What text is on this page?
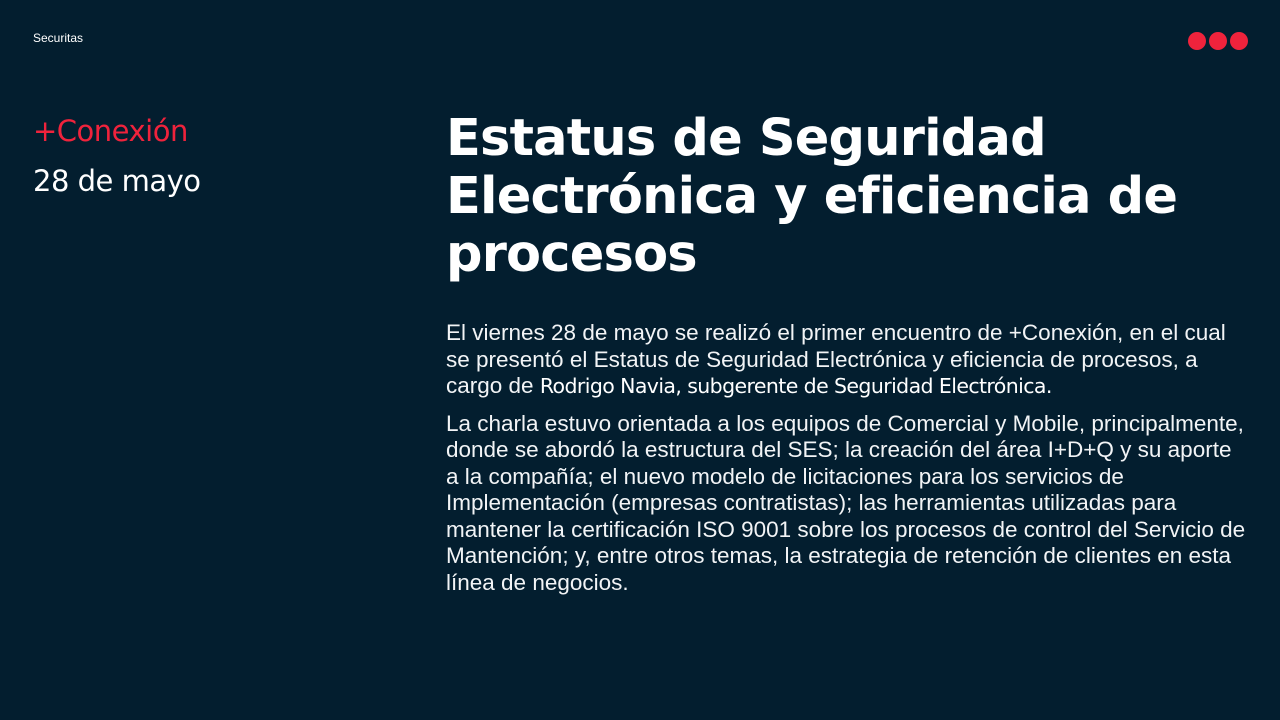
Securitas
+Conexión
28 de mayo
Estatus de Seguridad Electrónica y eficiencia de procesos

El viernes 28 de mayo se realizó el primer encuentro de +Conexión, en el cual se presentó el Estatus de Seguridad Electrónica y eficiencia de procesos, a cargo de Rodrigo Navia, subgerente de Seguridad Electrónica.

La charla estuvo orientada a los equipos de Comercial y Mobile, principalmente, donde se abordó la estructura del SES; la creación del área I+D+Q y su aporte a la compañía; el nuevo modelo de licitaciones para los servicios de Implementación (empresas contratistas); las herramientas utilizadas para mantener la certificación ISO 9001 sobre los procesos de control del Servicio de Mantención; y, entre otros temas, la estrategia de retención de clientes en esta línea de negocios.
